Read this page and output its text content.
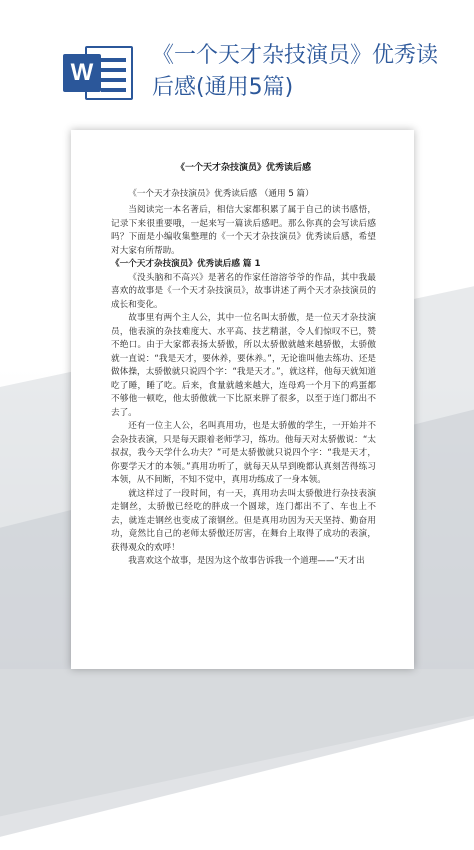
W
《一个天才杂技演员》优秀读后感(通用5篇)
《一个天才杂技演员》优秀读后感

《一个天才杂技演员》优秀读后感 （通用 5 篇）

当阅读完一本名著后，相信大家都积累了属于自己的读书感悟，记录下来很重要哦，一起来写一篇读后感吧。那么你真的会写读后感吗？下面是小编收集整理的《一个天才杂技演员》优秀读后感，希望对大家有所帮助。

《一个天才杂技演员》优秀读后感 篇 1

《没头脑和不高兴》是著名的作家任溶溶爷爷的作品，其中我最喜欢的故事是《一个天才杂技演员》，故事讲述了两个天才杂技演员的成长和变化。

故事里有两个主人公，其中一位名叫太骄傲，是一位天才杂技演员，他表演的杂技难度大、水平高、技艺精湛，令人们惊叹不已，赞不绝口。由于大家都表扬太骄傲，所以太骄傲就越来越骄傲，太骄傲就一直说：“我是天才，要休养，要休养。”，无论谁叫他去练功、还是做体操，太骄傲就只说四个字：“我是天才。”，就这样，他每天就知道吃了睡，睡了吃。后来，食量就越来越大，连母鸡一个月下的鸡蛋都不够他一顿吃，他太骄傲就一下比原来胖了很多，以至于连门都出不去了。

还有一位主人公，名叫真用功，也是太骄傲的学生，一开始并不会杂技表演，只是每天跟着老师学习，练功。他每天对太骄傲说：“太叔叔，我今天学什么功夫？”可是太骄傲就只说四个字：“我是天才，你要学天才的本领。”真用功听了，就每天从早到晚都认真刻苦得练习本领，从不间断，不知不觉中，真用功练成了一身本领。

就这样过了一段时间，有一天，真用功去叫太骄傲进行杂技表演走钢丝，太骄傲已经吃的胖成一个圆球，连门都出不了、车也上不去，就连走钢丝也变成了滚钢丝。但是真用功因为天天坚持、勤奋用功，竟然比自己的老师太骄傲还厉害，在舞台上取得了成功的表演，获得观众的欢呼！

我喜欢这个故事，是因为这个故事告诉我一个道理——“天才出
